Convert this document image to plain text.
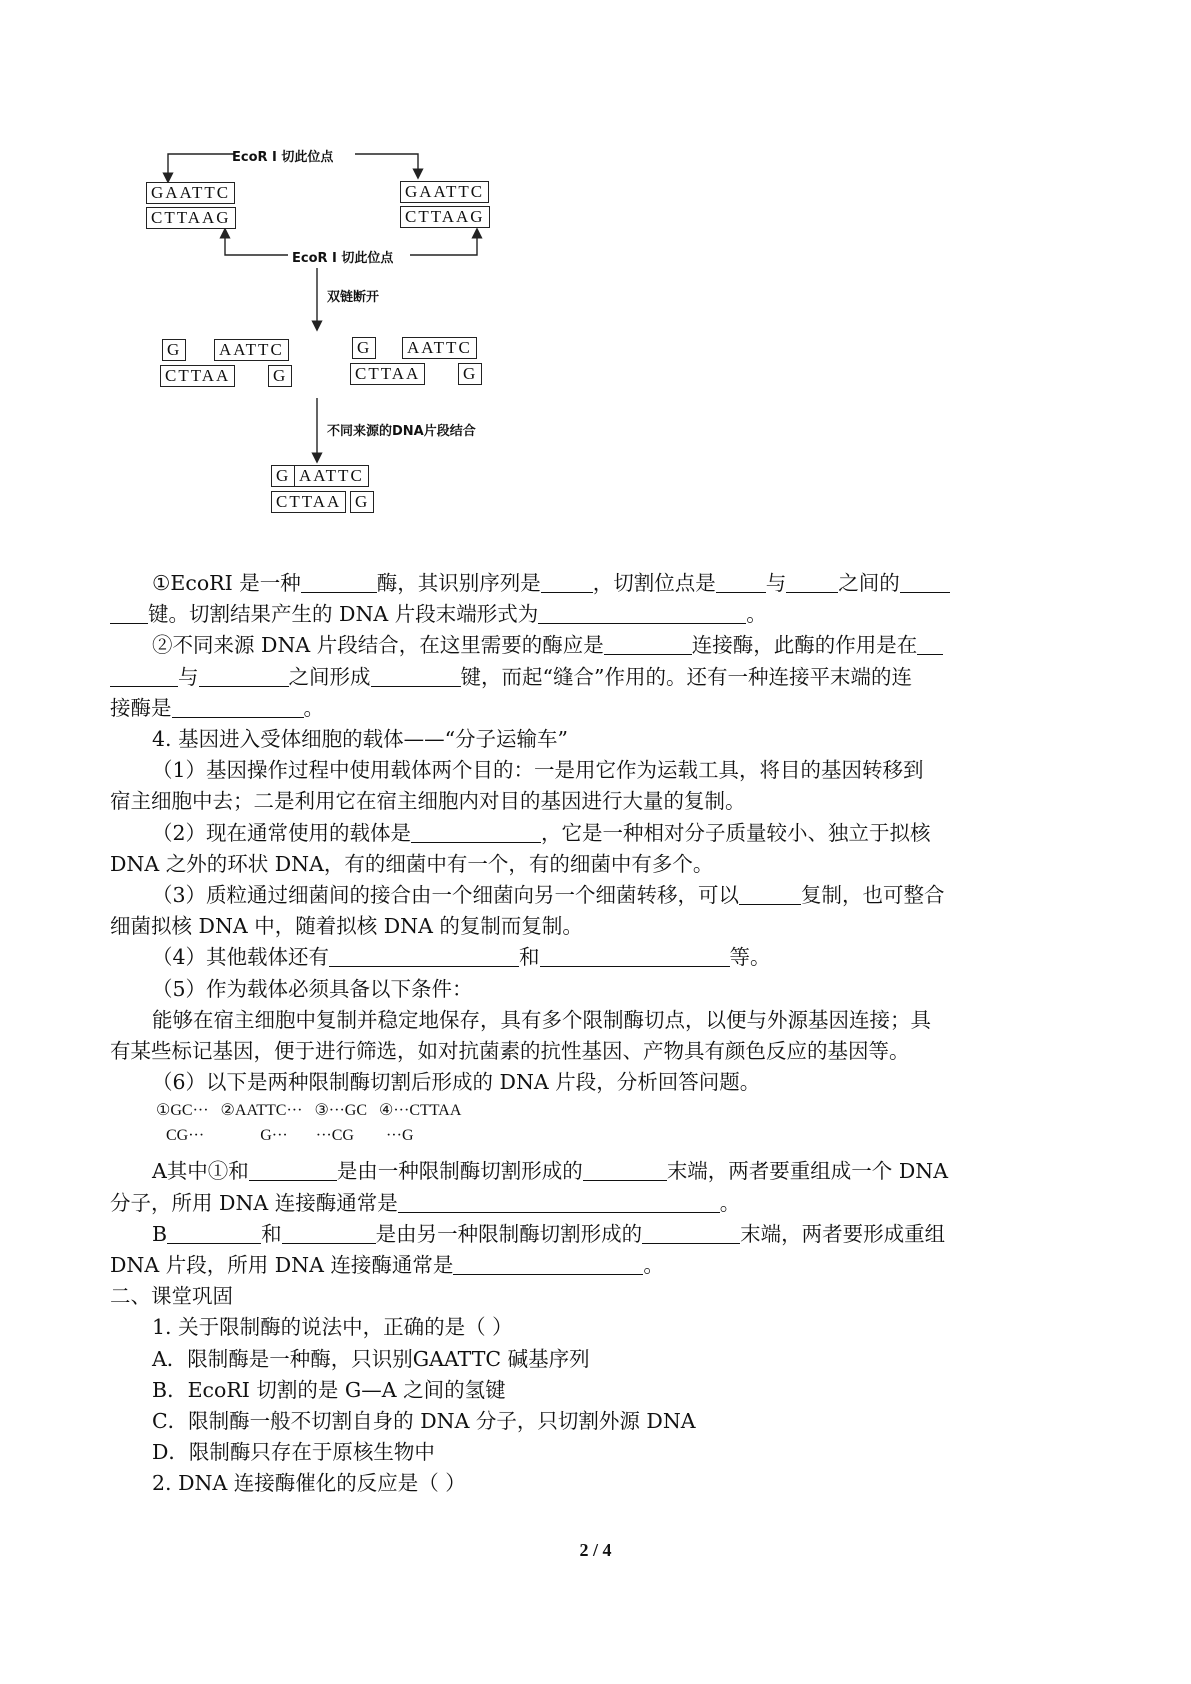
EcoR Ⅰ 切此位点
EcoR Ⅰ 切此位点
GAATTC
CTTAAG
GAATTC
CTTAAG
双链断开
G AATTC
CTTAA	G
G AATTC
CTTAA	G
不同来源的DNA片段结合
G AATTC
CTTAA G

①EcoRI 是一种	酶，其识别序列是	，切割位点是 与	之间的

键。切割结果产生的 DNA 片段末端形式为	。

②不同来源 DNA 片段结合，在这里需要的酶应是	连接酶，此酶的作用是在

与	之间形成	键，而起“缝合”作用的。还有一种连接平末端的连

接酶是	。

4. 基因进入受体细胞的载体——“分子运输车”

（1）基因操作过程中使用载体两个目的：一是用它作为运载工具，将目的基因转移到

宿主细胞中去；二是利用它在宿主细胞内对目的基因进行大量的复制。

（2）现在通常使用的载体是	，它是一种相对分子质量较小、独立于拟核

DNA 之外的环状 DNA，有的细菌中有一个，有的细菌中有多个。

（3）质粒通过细菌间的接合由一个细菌向另一个细菌转移，可以	复制，也可整合

细菌拟核 DNA 中，随着拟核 DNA 的复制而复制。

（4）其他载体还有	和	等。

（5）作为载体必须具备以下条件：

能够在宿主细胞中复制并稳定地保存，具有多个限制酶切点，以便与外源基因连接；具

有某些标记基因，便于进行筛选，如对抗菌素的抗性基因、产物具有颜色反应的基因等。

（6）以下是两种限制酶切割后形成的 DNA 片段，分析回答问题。

①GC···   ②AATTC···   ③···GC   ④···CTTAA

CG···              G···       ···CG        ···G

A其中①和	是由一种限制酶切割形成的	末端，两者要重组成一个 DNA

分子，所用 DNA 连接酶通常是	。

B	和	是由另一种限制酶切割形成的	末端，两者要形成重组

DNA 片段，所用 DNA 连接酶通常是	。

二、课堂巩固

1. 关于限制酶的说法中，正确的是（ ）

A．限制酶是一种酶，只识别GAATTC 碱基序列

B．EcoRI 切割的是 G—A 之间的氢键

C．限制酶一般不切割自身的 DNA 分子，只切割外源 DNA

D．限制酶只存在于原核生物中

2. DNA 连接酶催化的反应是（ ）

2 / 4
